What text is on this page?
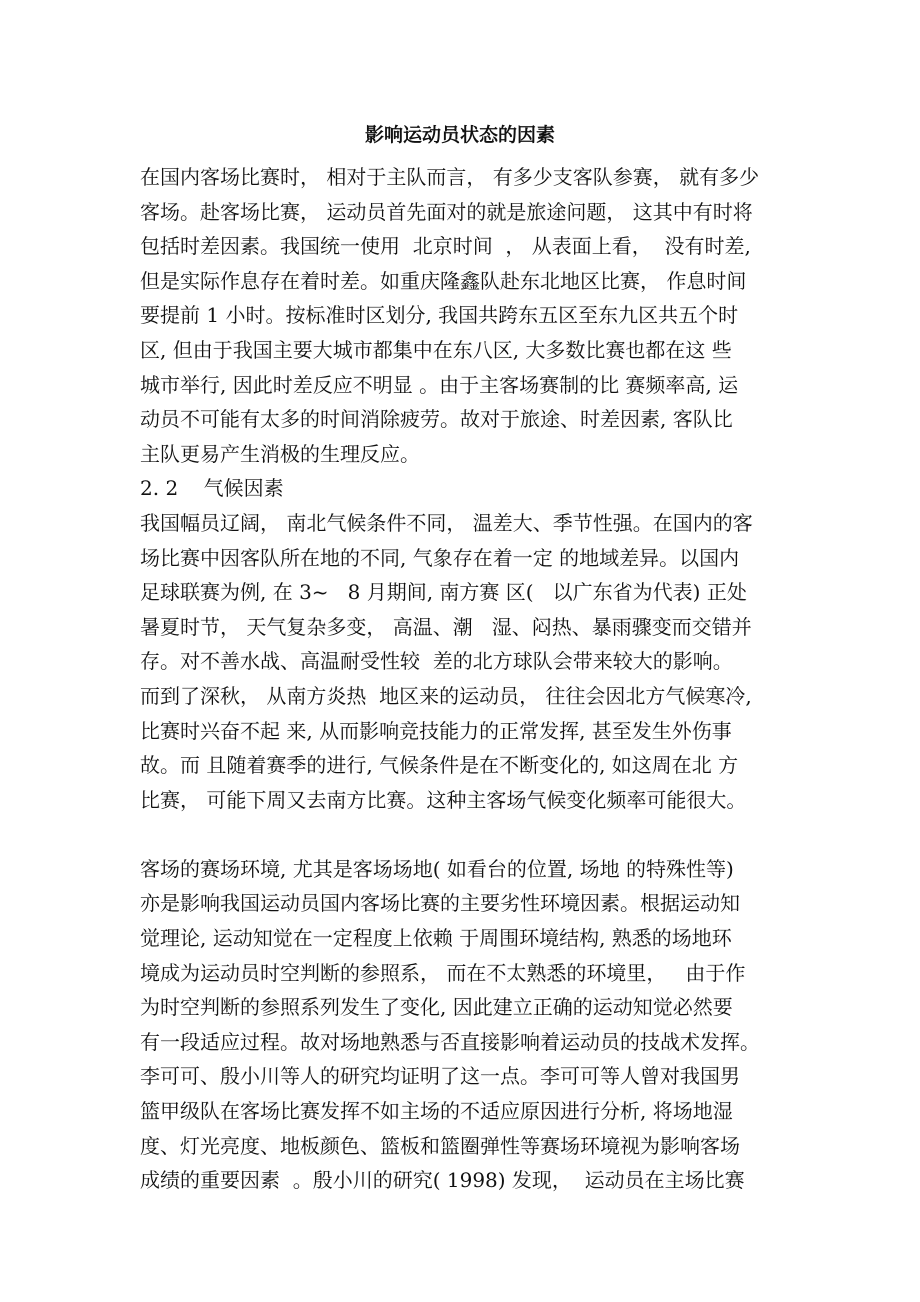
影响运动员状态的因素
在国内客场比赛时， 相对于主队而言， 有多少支客队参赛， 就有多少
客场。赴客场比赛， 运动员首先面对的就是旅途问题， 这其中有时将
包括时差因素。我国统一使用  北京时间  ， 从表面上看，  没有时差,
但是实际作息存在着时差。如重庆隆鑫队赴东北地区比赛， 作息时间
要提前 1 小时。按标准时区划分, 我国共跨东五区至东九区共五个时
区, 但由于我国主要大城市都集中在东八区, 大多数比赛也都在这 些
城市举行, 因此时差反应不明显 。由于主客场赛制的比 赛频率高, 运
动员不可能有太多的时间消除疲劳。故对于旅途、时差因素, 客队比
主队更易产生消极的生理反应。
2. 2    气候因素
我国幅员辽阔， 南北气候条件不同， 温差大、季节性强。在国内的客
场比赛中因客队所在地的不同, 气象存在着一定 的地域差异。以国内
足球联赛为例, 在 3~   8 月期间, 南方赛 区(   以广东省为代表) 正处
暑夏时节， 天气复杂多变， 高温、潮   湿、闷热、暴雨骤变而交错并
存。对不善水战、高温耐受性较  差的北方球队会带来较大的影响。
而到了深秋， 从南方炎热  地区来的运动员， 往往会因北方气候寒冷,
比赛时兴奋不起 来, 从而影响竞技能力的正常发挥, 甚至发生外伤事
故。而 且随着赛季的进行, 气候条件是在不断变化的, 如这周在北 方
比赛， 可能下周又去南方比赛。这种主客场气候变化频率可能很大。
客场的赛场环境, 尤其是客场场地( 如看台的位置, 场地 的特殊性等)
亦是影响我国运动员国内客场比赛的主要劣性环境因素。根据运动知
觉理论, 运动知觉在一定程度上依赖 于周围环境结构, 熟悉的场地环
境成为运动员时空判断的参照系， 而在不太熟悉的环境里，   由于作
为时空判断的参照系列发生了变化, 因此建立正确的运动知觉必然要
有一段适应过程。故对场地熟悉与否直接影响着运动员的技战术发挥。
李可可、殷小川等人的研究均证明了这一点。李可可等人曾对我国男
篮甲级队在客场比赛发挥不如主场的不适应原因进行分析, 将场地湿
度、灯光亮度、地板颜色、篮板和篮圈弹性等赛场环境视为影响客场
成绩的重要因素  。殷小川的研究( 1998) 发现，  运动员在主场比赛
